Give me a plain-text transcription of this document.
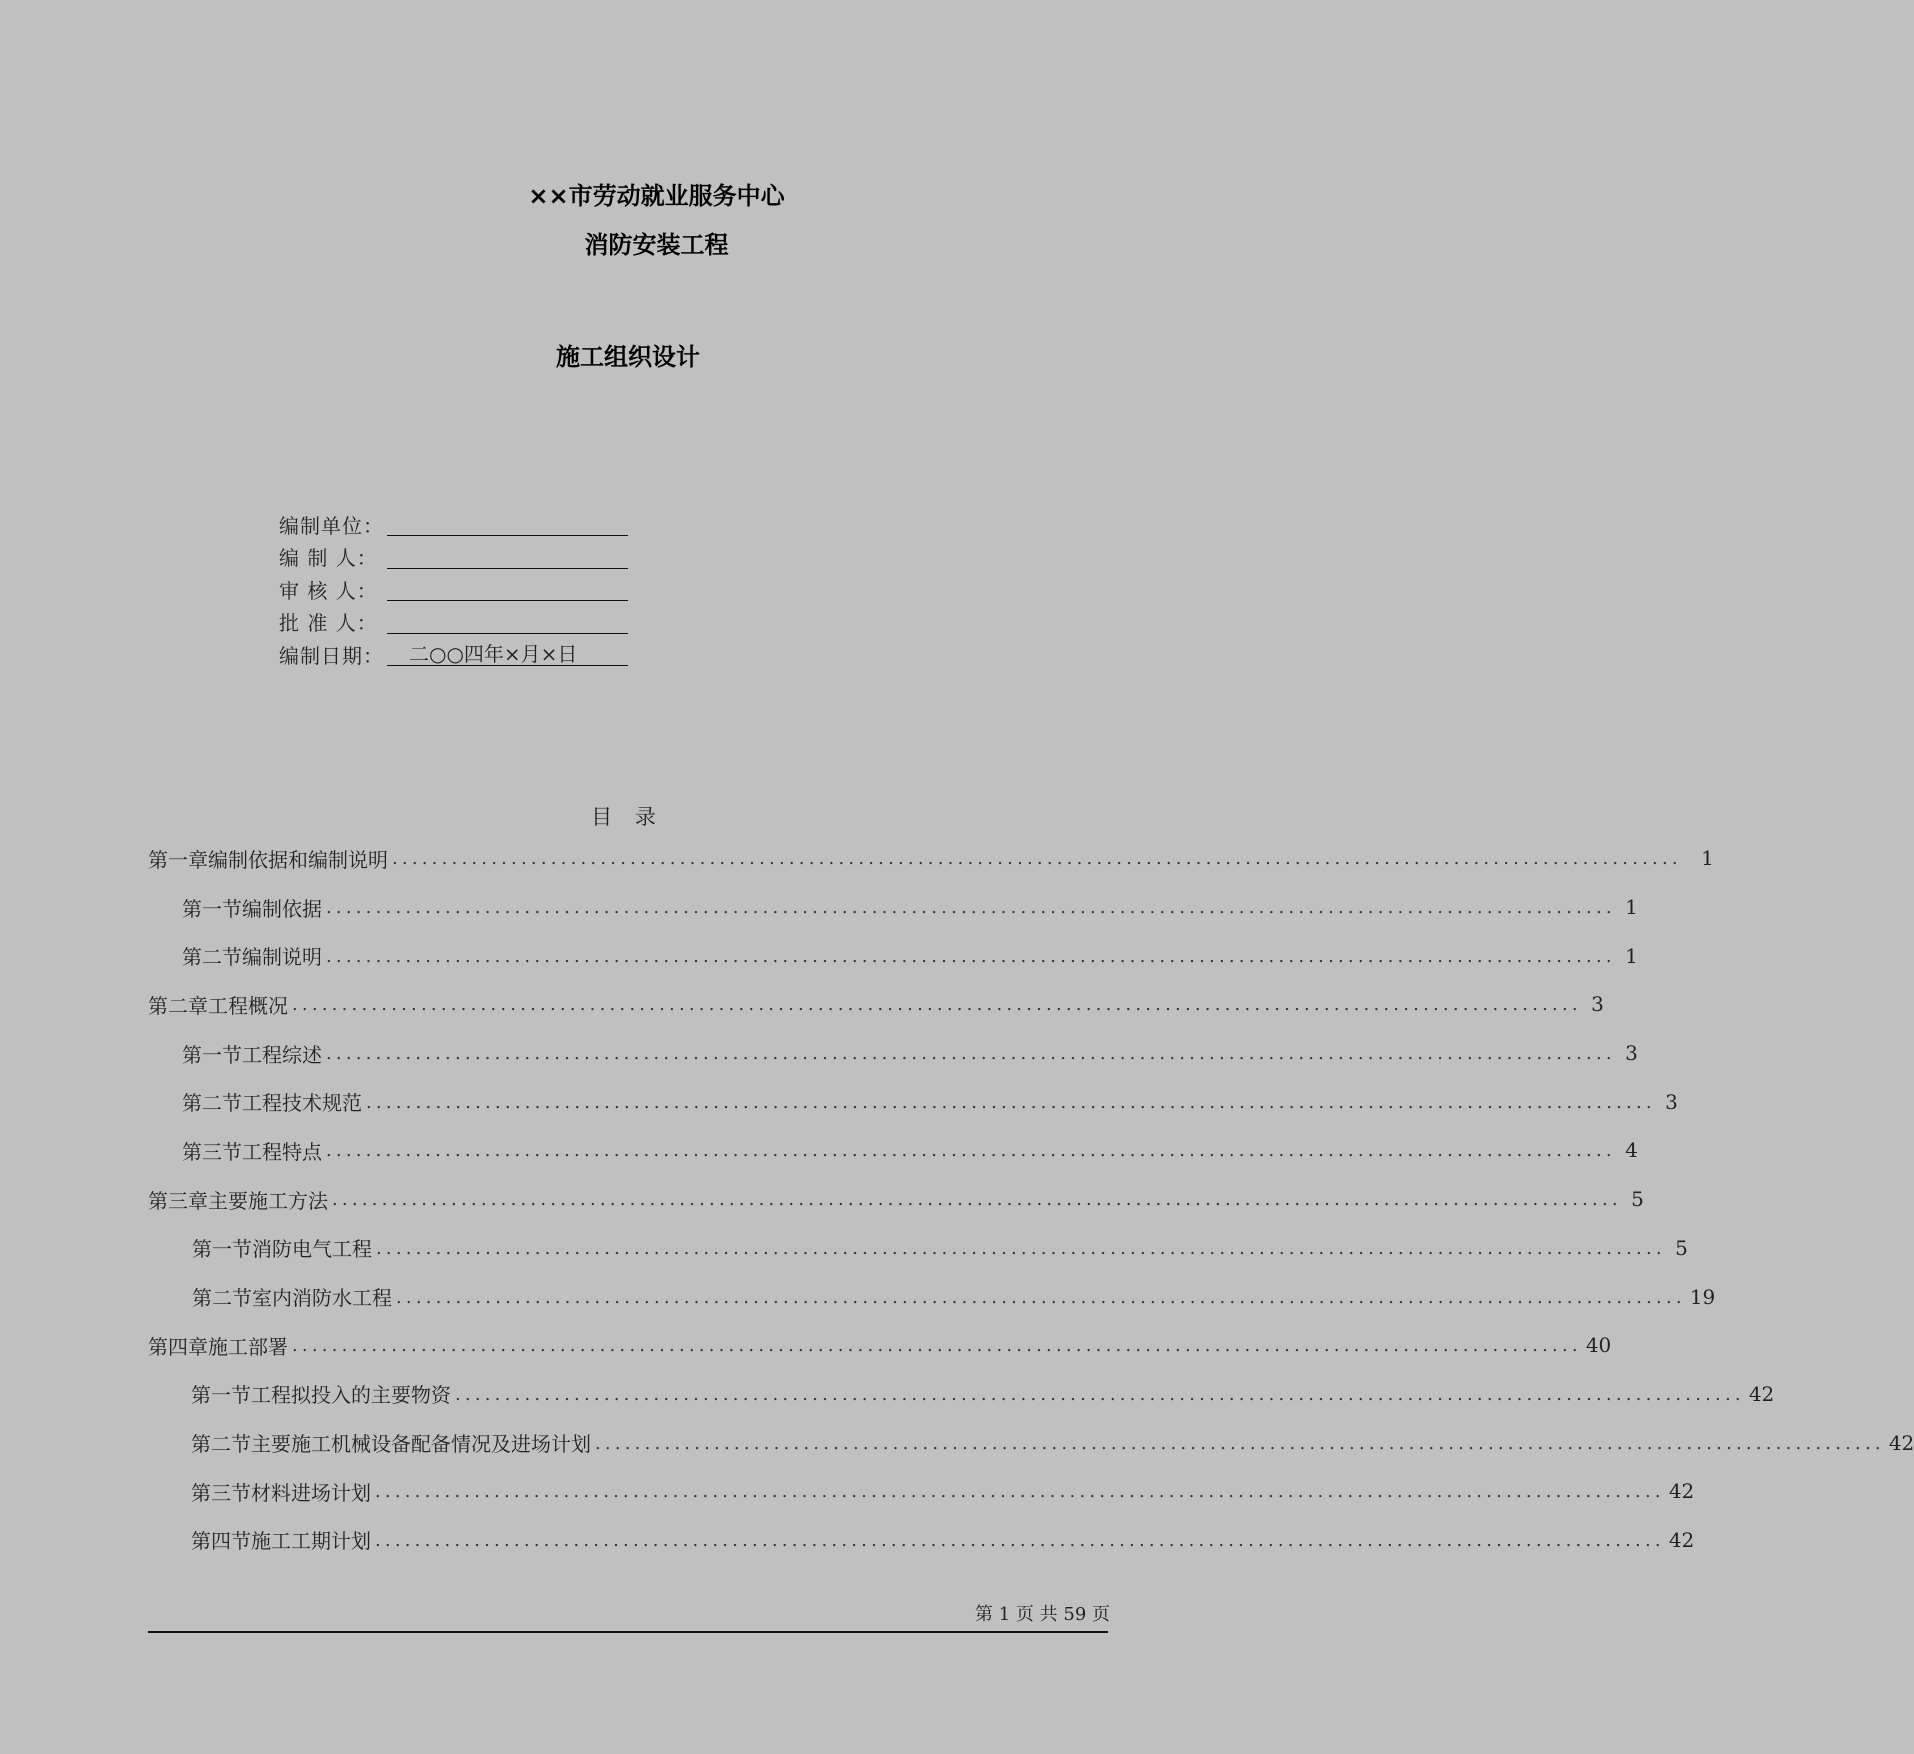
××市劳动就业服务中心
消防安装工程
施工组织设计
编制单位：
编 制 人：
审 核 人：
批 准 人：
编制日期：	二○○四年×月×日
目 录
第一章 编制依据和编制说明 .................................................................................................................................. 1
第一节 编制依据 .................................................................................................................................. 1
第二节 编制说明 .................................................................................................................................. 1
第二章 工程概况 .................................................................................................................................. 3
第一节 工程综述 .................................................................................................................................. 3
第二节 工程技术规范 .................................................................................................................................. 3
第三节 工程特点 .................................................................................................................................. 4
第三章 主要施工方法 .................................................................................................................................. 5
第一节 消防电气工程 .................................................................................................................................. 5
第二节 室内消防水工程 .................................................................................................................................. 19
第四章 施工部署 .................................................................................................................................. 40
第一节 工程拟投入的主要物资 .................................................................................................................................. 42
第二节 主要施工机械设备配备情况及进场计划 .................................................................................................................................. 42
第三节 材料进场计划 .................................................................................................................................. 42
第四节 施工工期计划 .................................................................................................................................. 42
第 1 页 共 59 页
